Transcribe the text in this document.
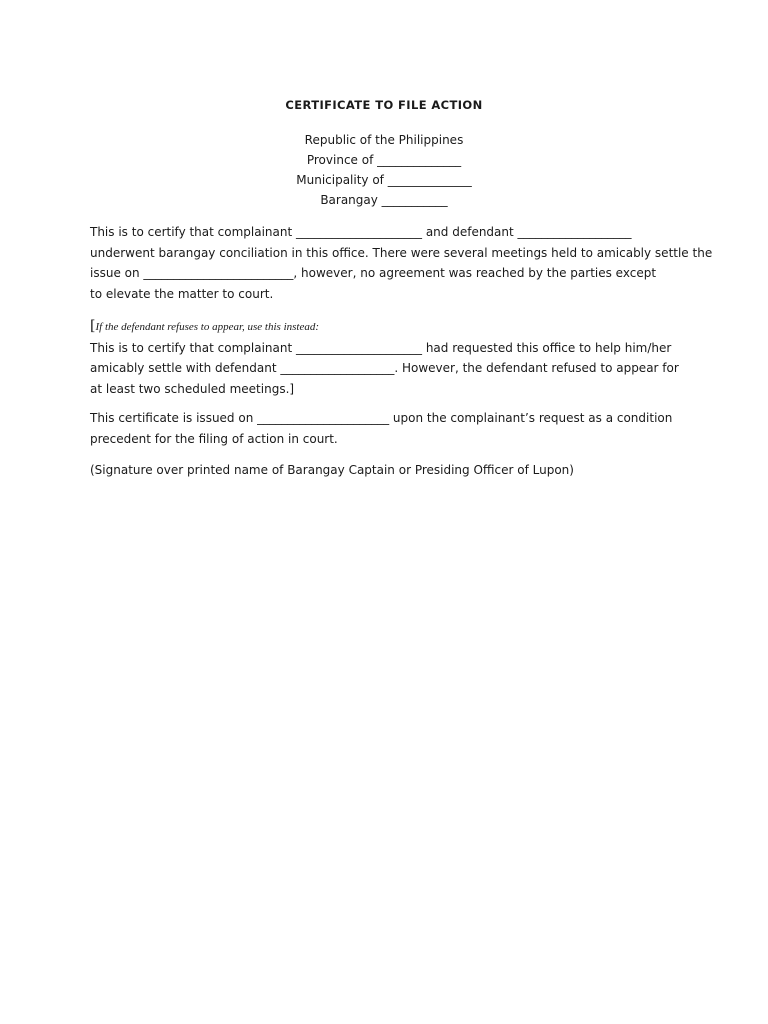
CERTIFICATE TO FILE ACTION
Republic of the Philippines
Province of ______________
Municipality of ______________
Barangay ___________
This is to certify that complainant _____________________ and defendant ___________________
underwent barangay conciliation in this office. There were several meetings held to amicably settle the
issue on _________________________, however, no agreement was reached by the parties except
to elevate the matter to court.
[If the defendant refuses to appear, use this instead:
This is to certify that complainant _____________________ had requested this office to help him/her
amicably settle with defendant ___________________. However, the defendant refused to appear for
at least two scheduled meetings.]
This certificate is issued on ______________________ upon the complainant’s request as a condition
precedent for the filing of action in court.
(Signature over printed name of Barangay Captain or Presiding Officer of Lupon)
